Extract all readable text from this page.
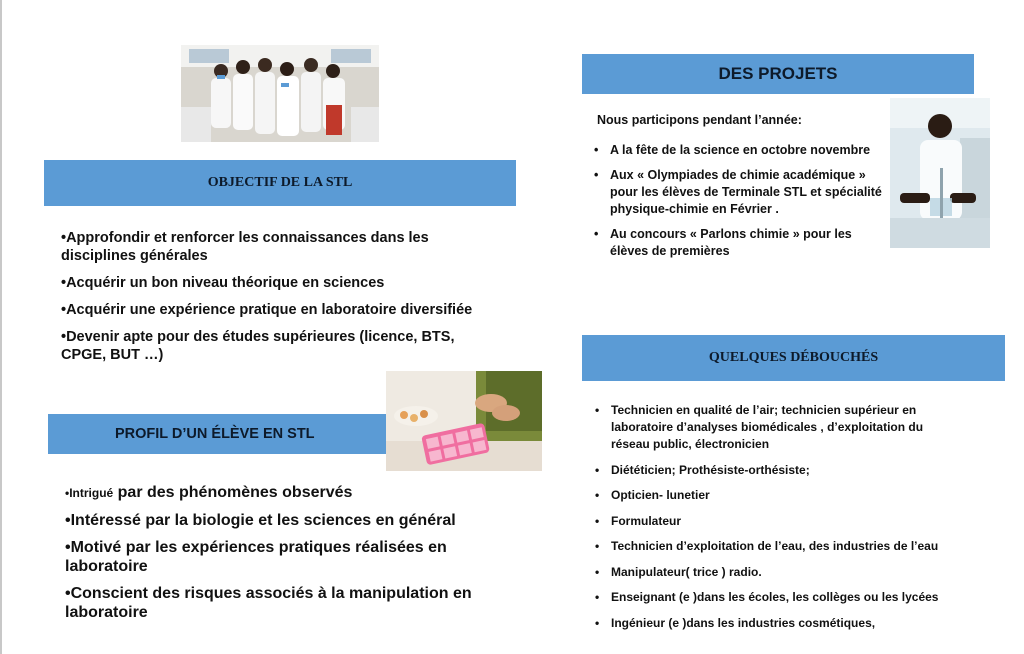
OBJECTIF DE LA STL
•Approfondir et renforcer les connaissances dans les disciplines générales
•Acquérir un bon niveau théorique en sciences
•Acquérir une expérience pratique en laboratoire diversifiée
•Devenir apte pour des études supérieures (licence, BTS, CPGE, BUT …)
PROFIL D’UN ÉLÈVE EN STL
•Intrigué par des phénomènes observés
•Intéressé par la biologie et les sciences en général
•Motivé par les expériences pratiques réalisées en laboratoire
•Conscient des risques associés à la manipulation en laboratoire
DES PROJETS
Nous participons pendant l’année:
• A la fête de la science en octobre novembre
• Aux « Olympiades de chimie académique » pour les élèves de Terminale STL et spécialité physique-chimie en Février .
• Au concours « Parlons chimie » pour les élèves de premières
QUELQUES DÉBOUCHÉS
• Technicien en qualité de l’air; technicien supérieur en laboratoire d’analyses biomédicales , d’exploitation du réseau public, électronicien
• Diététicien; Prothésiste-orthésiste;
• Opticien- lunetier
• Formulateur
• Technicien d’exploitation de l’eau, des industries de l’eau
• Manipulateur( trice ) radio.
• Enseignant (e )dans les écoles, les collèges ou les lycées
• Ingénieur (e )dans les industries cosmétiques,
